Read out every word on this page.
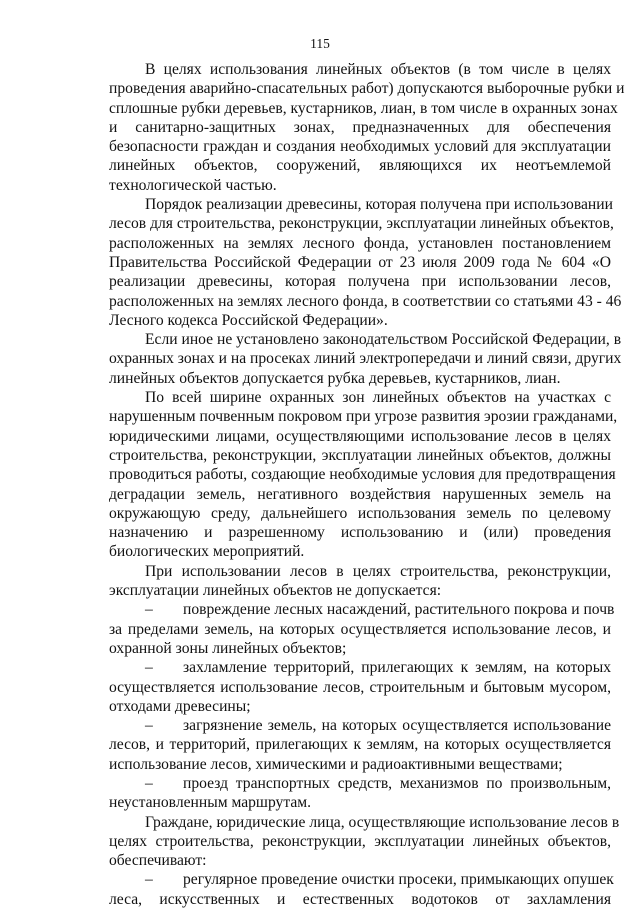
115
В целях использования линейных объектов (в том числе в целях
проведения аварийно-спасательных работ) допускаются выборочные рубки и
сплошные рубки деревьев, кустарников, лиан, в том числе в охранных зонах
и санитарно-защитных зонах, предназначенных для обеспечения
безопасности граждан и создания необходимых условий для эксплуатации
линейных объектов, сооружений, являющихся их неотъемлемой
технологической частью.
Порядок реализации древесины, которая получена при использовании
лесов для строительства, реконструкции, эксплуатации линейных объектов,
расположенных на землях лесного фонда, установлен постановлением
Правительства Российской Федерации от 23 июля 2009 года № 604 «О
реализации древесины, которая получена при использовании лесов,
расположенных на землях лесного фонда, в соответствии со статьями 43 - 46
Лесного кодекса Российской Федерации».
Если иное не установлено законодательством Российской Федерации, в
охранных зонах и на просеках линий электропередачи и линий связи, других
линейных объектов допускается рубка деревьев, кустарников, лиан.
По всей ширине охранных зон линейных объектов на участках с
нарушенным почвенным покровом при угрозе развития эрозии гражданами,
юридическими лицами, осуществляющими использование лесов в целях
строительства, реконструкции, эксплуатации линейных объектов, должны
проводиться работы, создающие необходимые условия для предотвращения
деградации земель, негативного воздействия нарушенных земель на
окружающую среду, дальнейшего использования земель по целевому
назначению и разрешенному использованию и (или) проведения
биологических мероприятий.
При использовании лесов в целях строительства, реконструкции,
эксплуатации линейных объектов не допускается:
– повреждение лесных насаждений, растительного покрова и почв
за пределами земель, на которых осуществляется использование лесов, и
охранной зоны линейных объектов;
– захламление территорий, прилегающих к землям, на которых
осуществляется использование лесов, строительным и бытовым мусором,
отходами древесины;
– загрязнение земель, на которых осуществляется использование
лесов, и территорий, прилегающих к землям, на которых осуществляется
использование лесов, химическими и радиоактивными веществами;
– проезд транспортных средств, механизмов по произвольным,
неустановленным маршрутам.
Граждане, юридические лица, осуществляющие использование лесов в
целях строительства, реконструкции, эксплуатации линейных объектов,
обеспечивают:
– регулярное проведение очистки просеки, примыкающих опушек
леса, искусственных и естественных водотоков от захламления
